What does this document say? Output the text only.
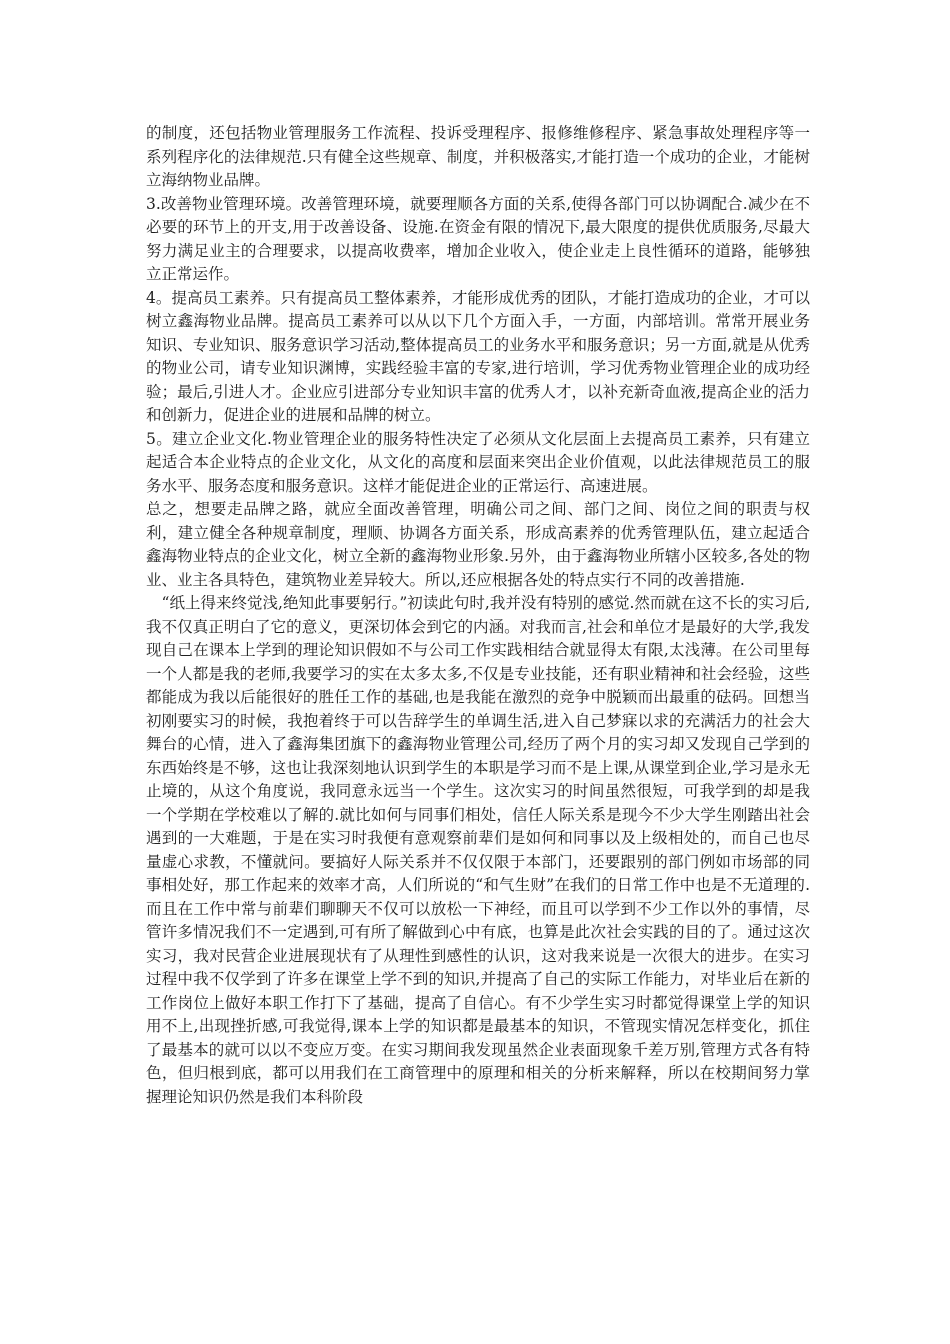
的制度，还包括物业管理服务工作流程、投诉受理程序、报修维修程序、紧急事故处理程序等一系列程序化的法律规范.只有健全这些规章、制度，并积极落实,才能打造一个成功的企业，才能树立海纳物业品牌。

3.改善物业管理环境。改善管理环境，就要理顺各方面的关系,使得各部门可以协调配合.减少在不必要的环节上的开支,用于改善设备、设施.在资金有限的情况下,最大限度的提供优质服务,尽最大努力满足业主的合理要求，以提高收费率，增加企业收入，使企业走上良性循环的道路，能够独立正常运作。

4。提高员工素养。只有提高员工整体素养，才能形成优秀的团队，才能打造成功的企业，才可以树立鑫海物业品牌。提高员工素养可以从以下几个方面入手，一方面，内部培训。常常开展业务知识、专业知识、服务意识学习活动,整体提高员工的业务水平和服务意识；另一方面,就是从优秀的物业公司，请专业知识渊博，实践经验丰富的专家,进行培训，学习优秀物业管理企业的成功经验；最后,引进人才。企业应引进部分专业知识丰富的优秀人才，以补充新奇血液,提高企业的活力和创新力，促进企业的进展和品牌的树立。

5。建立企业文化.物业管理企业的服务特性决定了必须从文化层面上去提高员工素养，只有建立起适合本企业特点的企业文化，从文化的高度和层面来突出企业价值观，以此法律规范员工的服务水平、服务态度和服务意识。这样才能促进企业的正常运行、高速进展。

总之，想要走品牌之路，就应全面改善管理，明确公司之间、部门之间、岗位之间的职责与权利，建立健全各种规章制度，理顺、协调各方面关系，形成高素养的优秀管理队伍，建立起适合鑫海物业特点的企业文化，树立全新的鑫海物业形象.另外，由于鑫海物业所辖小区较多,各处的物业、业主各具特色，建筑物业差异较大。所以,还应根据各处的特点实行不同的改善措施.

“纸上得来终觉浅,绝知此事要躬行。”初读此句时,我并没有特别的感觉.然而就在这不长的实习后,我不仅真正明白了它的意义，更深切体会到它的内涵。对我而言,社会和单位才是最好的大学,我发现自己在课本上学到的理论知识假如不与公司工作实践相结合就显得太有限,太浅薄。在公司里每一个人都是我的老师,我要学习的实在太多太多,不仅是专业技能，还有职业精神和社会经验，这些都能成为我以后能很好的胜任工作的基础,也是我能在激烈的竞争中脱颖而出最重的砝码。回想当初刚要实习的时候，我抱着终于可以告辞学生的单调生活,进入自己梦寐以求的充满活力的社会大舞台的心情，进入了鑫海集团旗下的鑫海物业管理公司,经历了两个月的实习却又发现自己学到的东西始终是不够，这也让我深刻地认识到学生的本职是学习而不是上课,从课堂到企业,学习是永无止境的，从这个角度说，我同意永远当一个学生。这次实习的时间虽然很短，可我学到的却是我一个学期在学校难以了解的.就比如何与同事们相处，信任人际关系是现今不少大学生刚踏出社会遇到的一大难题，于是在实习时我便有意观察前辈们是如何和同事以及上级相处的，而自己也尽量虚心求教，不懂就问。要搞好人际关系并不仅仅限于本部门，还要跟别的部门例如市场部的同事相处好，那工作起来的效率才高，人们所说的“和气生财”在我们的日常工作中也是不无道理的.而且在工作中常与前辈们聊聊天不仅可以放松一下神经，而且可以学到不少工作以外的事情，尽管许多情况我们不一定遇到,可有所了解做到心中有底，也算是此次社会实践的目的了。通过这次实习，我对民营企业进展现状有了从理性到感性的认识，这对我来说是一次很大的进步。在实习过程中我不仅学到了许多在课堂上学不到的知识,并提高了自己的实际工作能力，对毕业后在新的工作岗位上做好本职工作打下了基础，提高了自信心。有不少学生实习时都觉得课堂上学的知识用不上,出现挫折感,可我觉得,课本上学的知识都是最基本的知识，不管现实情况怎样变化，抓住了最基本的就可以以不变应万变。在实习期间我发现虽然企业表面现象千差万别,管理方式各有特色，但归根到底，都可以用我们在工商管理中的原理和相关的分析来解释，所以在校期间努力掌握理论知识仍然是我们本科阶段
